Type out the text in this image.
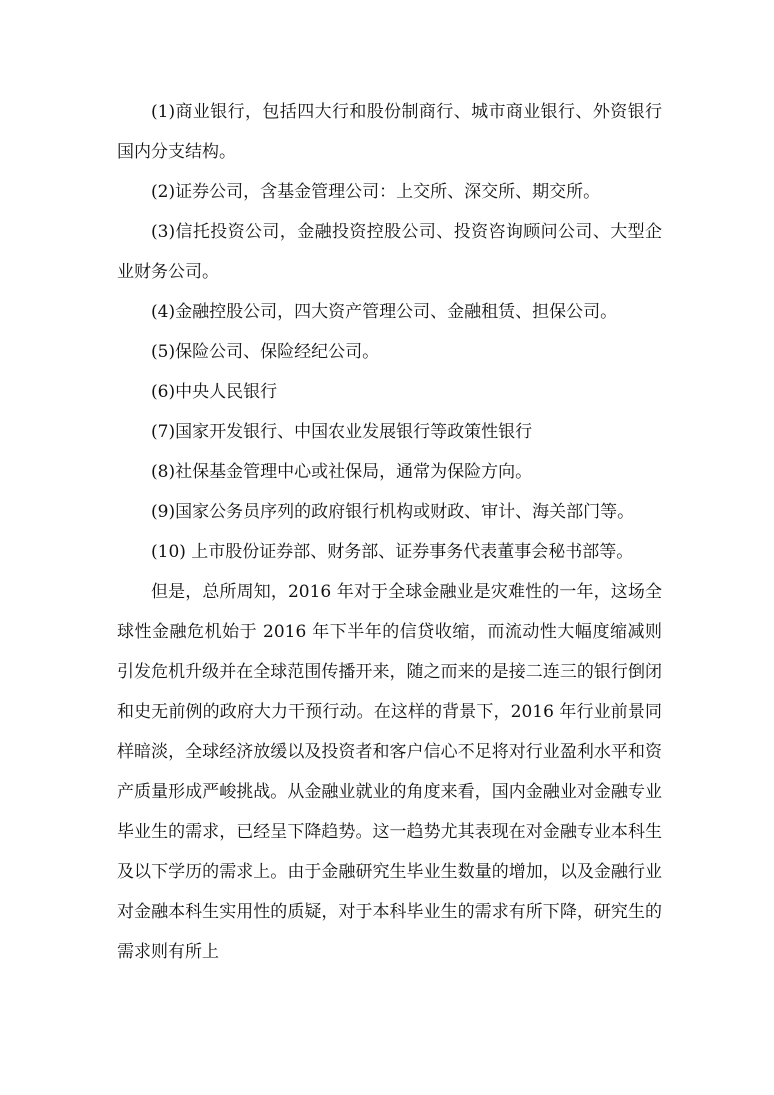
(1)商业银行，包括四大行和股份制商行、城市商业银行、外资银行国内分支结构。

(2)证券公司，含基金管理公司：上交所、深交所、期交所。

(3)信托投资公司，金融投资控股公司、投资咨询顾问公司、大型企业财务公司。

(4)金融控股公司，四大资产管理公司、金融租赁、担保公司。

(5)保险公司、保险经纪公司。

(6)中央人民银行

(7)国家开发银行、中国农业发展银行等政策性银行

(8)社保基金管理中心或社保局，通常为保险方向。

(9)国家公务员序列的政府银行机构或财政、审计、海关部门等。

(10) 上市股份证券部、财务部、证券事务代表董事会秘书部等。

但是，总所周知，2016 年对于全球金融业是灾难性的一年，这场全球性金融危机始于 2016 年下半年的信贷收缩，而流动性大幅度缩减则引发危机升级并在全球范围传播开来，随之而来的是接二连三的银行倒闭和史无前例的政府大力干预行动。在这样的背景下，2016 年行业前景同样暗淡，全球经济放缓以及投资者和客户信心不足将对行业盈利水平和资产质量形成严峻挑战。从金融业就业的角度来看，国内金融业对金融专业毕业生的需求，已经呈下降趋势。这一趋势尤其表现在对金融专业本科生及以下学历的需求上。由于金融研究生毕业生数量的增加，以及金融行业对金融本科生实用性的质疑，对于本科毕业生的需求有所下降，研究生的需求则有所上
